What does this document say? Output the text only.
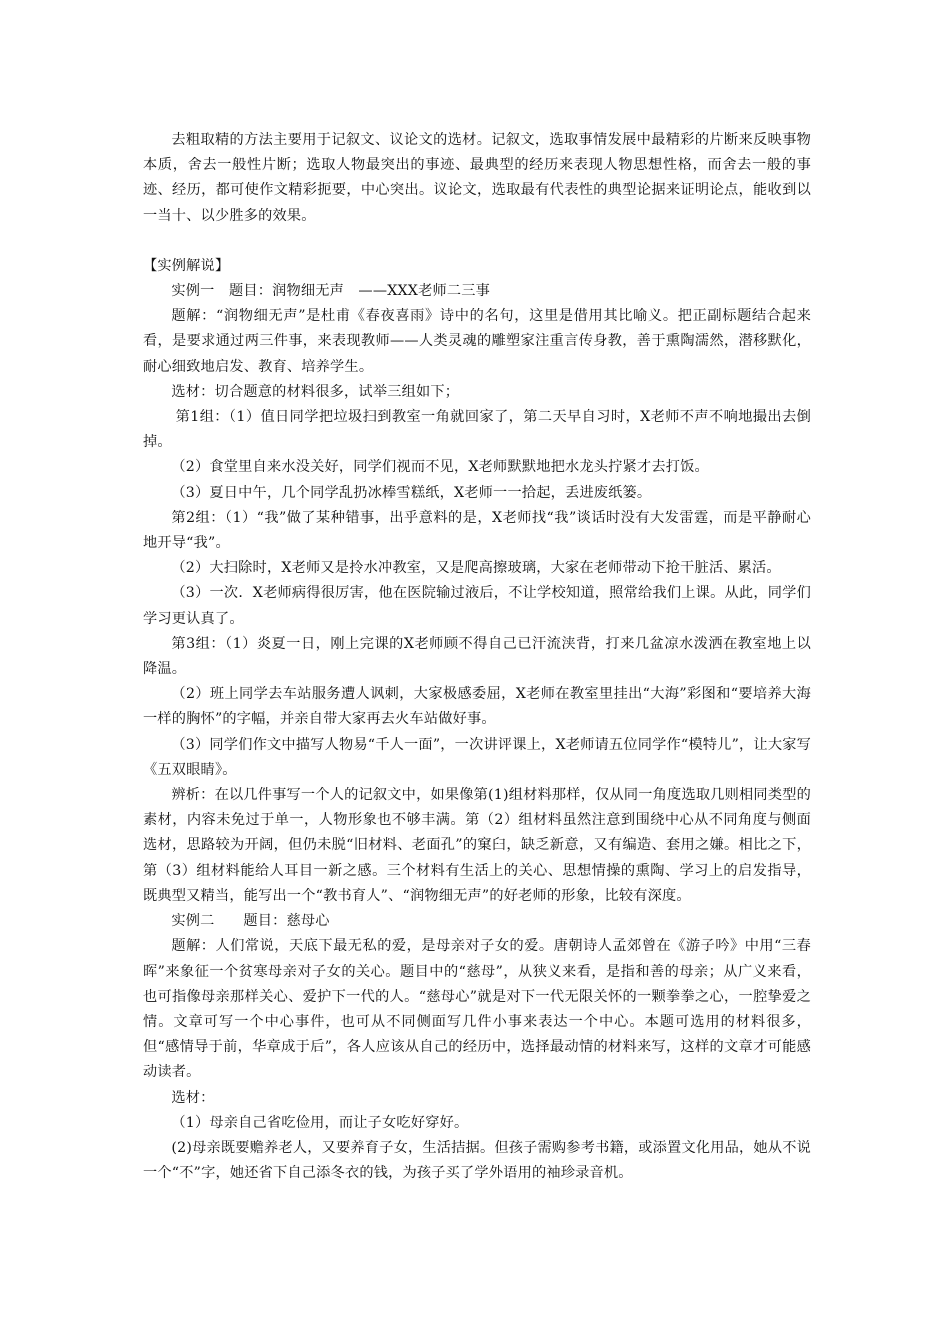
去粗取精的方法主要用于记叙文、议论文的选材。记叙文，选取事情发展中最精彩的片断来反映事物本质，舍去一般性片断；选取人物最突出的事迹、最典型的经历来表现人物思想性格，而舍去一般的事迹、经历，都可使作文精彩扼要，中心突出。议论文，选取最有代表性的典型论据来证明论点，能收到以一当十、以少胜多的效果。

【实例解说】

实例一　题目：润物细无声　——XXX老师二三事

题解：“润物细无声”是杜甫《春夜喜雨》诗中的名句，这里是借用其比喻义。把正副标题结合起来看，是要求通过两三件事，来表现教师——人类灵魂的雕塑家注重言传身教，善于熏陶濡然，潜移默化，耐心细致地启发、教育、培养学生。

选材：切合题意的材料很多，试举三组如下；

第1组：（1）值日同学把垃圾扫到教室一角就回家了，第二天早自习时，X老师不声不响地撮出去倒掉。

（2）食堂里自来水没关好，同学们视而不见，X老师默默地把水龙头拧紧才去打饭。

（3）夏日中午，几个同学乱扔冰棒雪糕纸，X老师一一拾起，丢进废纸篓。

第2组：（1）“我”做了某种错事，出乎意料的是，X老师找“我”谈话时没有大发雷霆，而是平静耐心地开导“我”。

（2）大扫除时，X老师又是拎水冲教室，又是爬高擦玻璃，大家在老师带动下抢干脏活、累活。

（3）一次．X老师病得很厉害，他在医院输过液后，不让学校知道，照常给我们上课。从此，同学们学习更认真了。

第3组：（1）炎夏一日，刚上完课的X老师顾不得自己已汗流浃背，打来几盆凉水泼洒在教室地上以降温。

（2）班上同学去车站服务遭人讽刺，大家极感委屈，X老师在教室里挂出“大海”彩图和“要培养大海一样的胸怀”的字幅，并亲自带大家再去火车站做好事。

（3）同学们作文中描写人物易“千人一面”，一次讲评课上，X老师请五位同学作“模特儿”，让大家写《五双眼睛》。

辨析：在以几件事写一个人的记叙文中，如果像第(1)组材料那样，仅从同一角度选取几则相同类型的素材，内容未免过于单一，人物形象也不够丰满。第（2）组材料虽然注意到围绕中心从不同角度与侧面选材，思路较为开阔，但仍未脱“旧材料、老面孔”的窠臼，缺乏新意，又有编造、套用之嫌。相比之下，第（3）组材料能给人耳目一新之感。三个材料有生活上的关心、思想情操的熏陶、学习上的启发指导，既典型又精当，能写出一个“教书育人”、“润物细无声”的好老师的形象，比较有深度。

实例二　　题目：慈母心

题解：人们常说，天底下最无私的爱，是母亲对子女的爱。唐朝诗人孟郊曾在《游子吟》中用“三春晖”来象征一个贫寒母亲对子女的关心。题目中的“慈母”，从狭义来看，是指和善的母亲；从广义来看，也可指像母亲那样关心、爱护下一代的人。“慈母心”就是对下一代无限关怀的一颗拳拳之心，一腔挚爱之情。文章可写一个中心事件，也可从不同侧面写几件小事来表达一个中心。本题可选用的材料很多，但“感情导于前，华章成于后”，各人应该从自己的经历中，选择最动情的材料来写，这样的文章才可能感动读者。

选材：

（1）母亲自己省吃俭用，而让子女吃好穿好。

(2)母亲既要赡养老人，又要养育子女，生活拮据。但孩子需购参考书籍，或添置文化用品，她从不说一个“不”字，她还省下自己添冬衣的钱，为孩子买了学外语用的袖珍录音机。
